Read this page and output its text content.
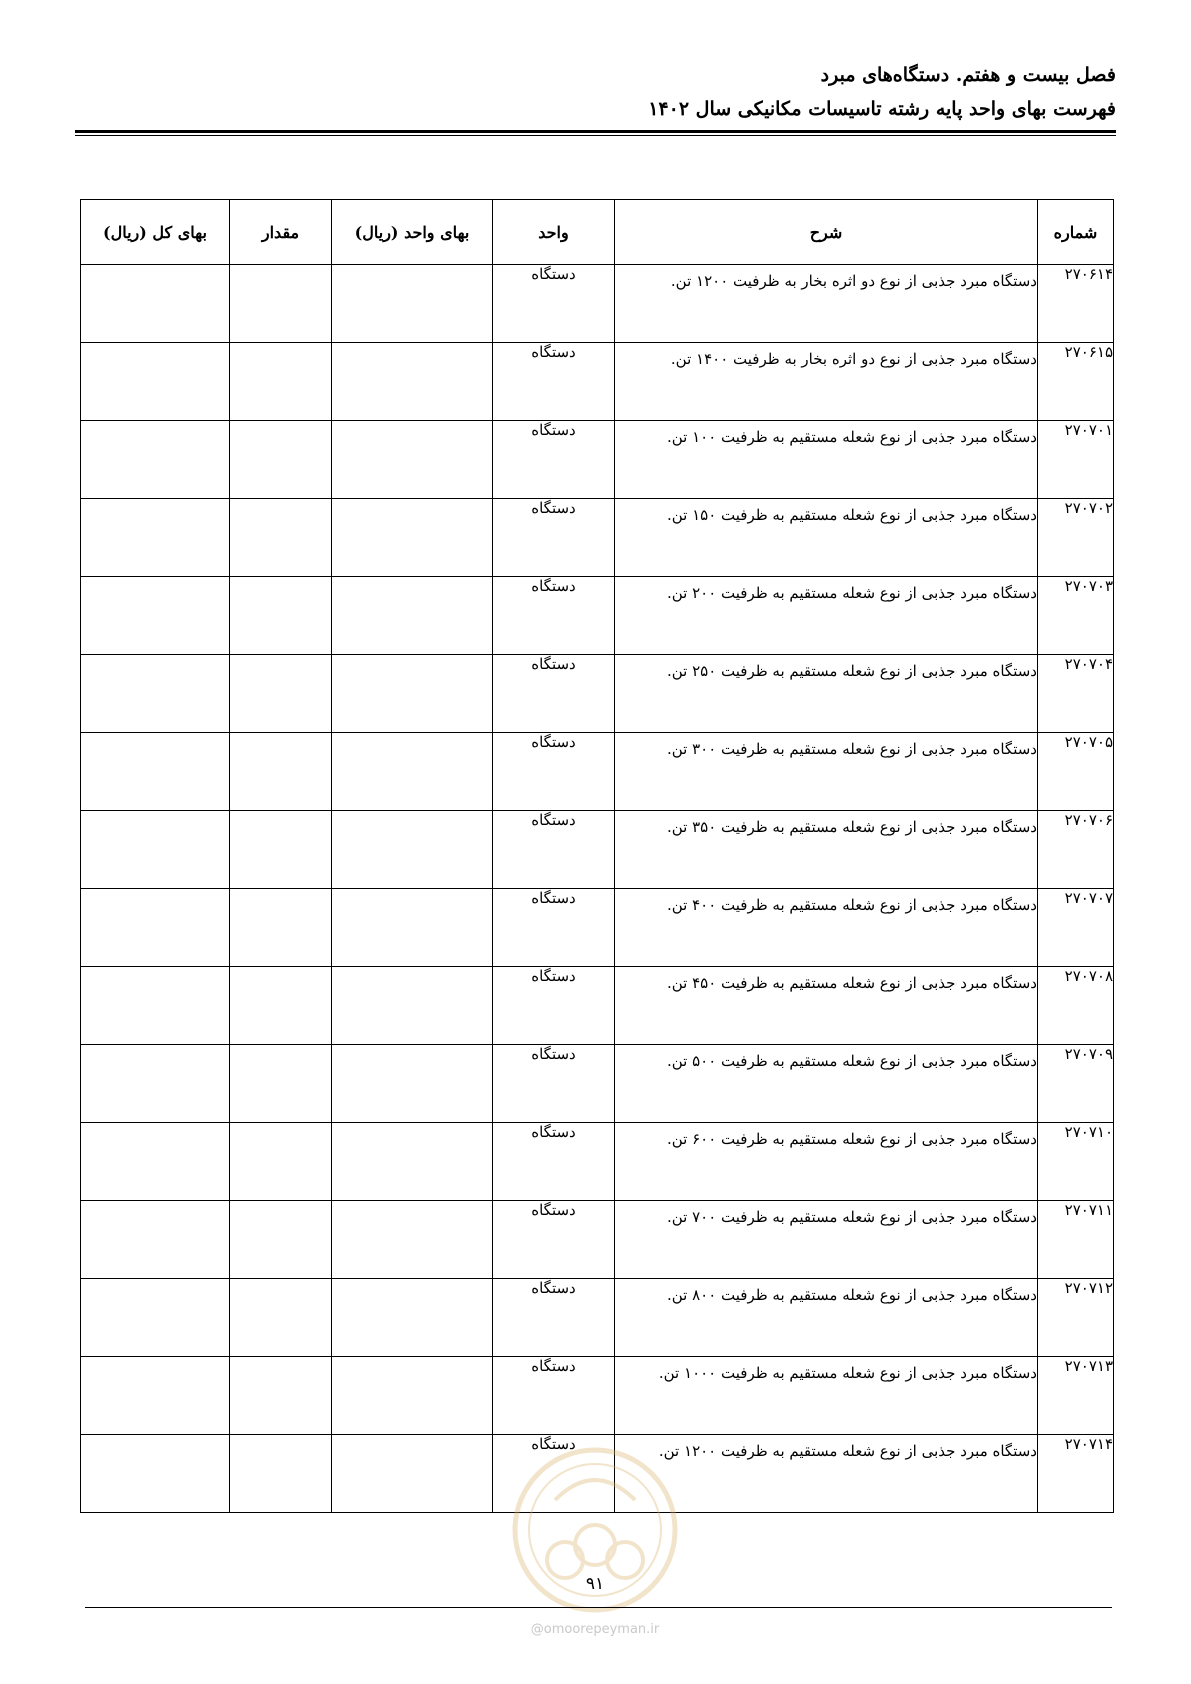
فصل بیست و هفتم. دستگاه‌های مبرد
فهرست بهای واحد پایه رشته تاسیسات مکانیکی سال ۱۴۰۲
شماره	شرح	واحد	بهای واحد (ریال)	مقدار	بهای کل (ریال)
۲۷۰۶۱۴	دستگاه مبرد جذبی از نوع دو اثره بخار به ظرفیت ۱۲۰۰ تن.	دستگاه			
۲۷۰۶۱۵	دستگاه مبرد جذبی از نوع دو اثره بخار به ظرفیت ۱۴۰۰ تن.	دستگاه			
۲۷۰۷۰۱	دستگاه مبرد جذبی از نوع شعله مستقیم به ظرفیت ۱۰۰ تن.	دستگاه			
۲۷۰۷۰۲	دستگاه مبرد جذبی از نوع شعله مستقیم به ظرفیت ۱۵۰ تن.	دستگاه			
۲۷۰۷۰۳	دستگاه مبرد جذبی از نوع شعله مستقیم به ظرفیت ۲۰۰ تن.	دستگاه			
۲۷۰۷۰۴	دستگاه مبرد جذبی از نوع شعله مستقیم به ظرفیت ۲۵۰ تن.	دستگاه			
۲۷۰۷۰۵	دستگاه مبرد جذبی از نوع شعله مستقیم به ظرفیت ۳۰۰ تن.	دستگاه			
۲۷۰۷۰۶	دستگاه مبرد جذبی از نوع شعله مستقیم به ظرفیت ۳۵۰ تن.	دستگاه			
۲۷۰۷۰۷	دستگاه مبرد جذبی از نوع شعله مستقیم به ظرفیت ۴۰۰ تن.	دستگاه			
۲۷۰۷۰۸	دستگاه مبرد جذبی از نوع شعله مستقیم به ظرفیت ۴۵۰ تن.	دستگاه			
۲۷۰۷۰۹	دستگاه مبرد جذبی از نوع شعله مستقیم به ظرفیت ۵۰۰ تن.	دستگاه			
۲۷۰۷۱۰	دستگاه مبرد جذبی از نوع شعله مستقیم به ظرفیت ۶۰۰ تن.	دستگاه			
۲۷۰۷۱۱	دستگاه مبرد جذبی از نوع شعله مستقیم به ظرفیت ۷۰۰ تن.	دستگاه			
۲۷۰۷۱۲	دستگاه مبرد جذبی از نوع شعله مستقیم به ظرفیت ۸۰۰ تن.	دستگاه			
۲۷۰۷۱۳	دستگاه مبرد جذبی از نوع شعله مستقیم به ظرفیت ۱۰۰۰ تن.	دستگاه			
۲۷۰۷۱۴	دستگاه مبرد جذبی از نوع شعله مستقیم به ظرفیت ۱۲۰۰ تن.	دستگاه			
۹۱
@omoorepeyman.ir
